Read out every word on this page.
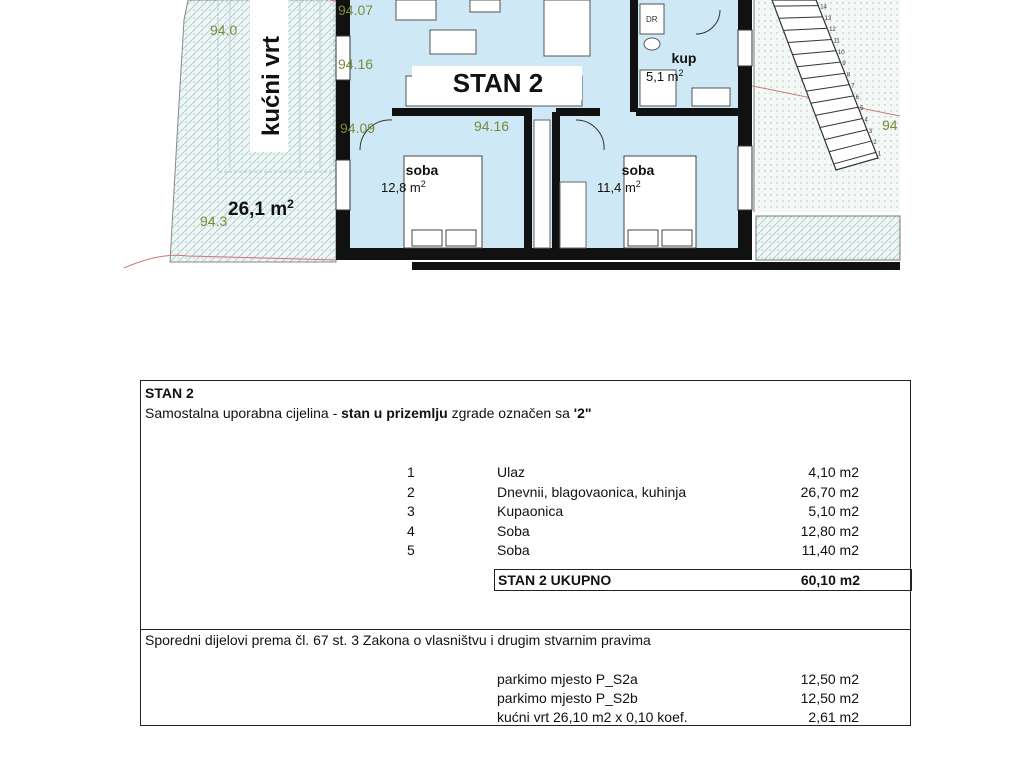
14
13
12
11
10
9
8
7
6
5
4
3
2
1
STAN 2
kućni vrt
26,1 $m^2$
kup
5,1 $m^2$
DR
soba
12,8 $m^2$
soba
11,4 $m^2$
94.07
94.16
94.09	94.16
94.0
94.3
94
STAN 2
Samostalna uporabna cijelina - stan u prizemlju zgrade označen sa '2"
1	Ulaz	4,10 m2
2	Dnevnii, blagovaonica, kuhinja	26,70 m2
3	Kupaonica	5,10 m2
4	Soba	12,80 m2
5	Soba	11,40 m2
STAN 2 UKUPNO	60,10 m2
Sporedni dijelovi prema čl. 67 st. 3 Zakona o vlasništvu i drugim stvarnim pravima
parkimo mjesto P_S2a	12,50 m2
parkimo mjesto P_S2b	12,50 m2
kućni vrt 26,10 m2 x 0,10 koef.	2,61 m2
